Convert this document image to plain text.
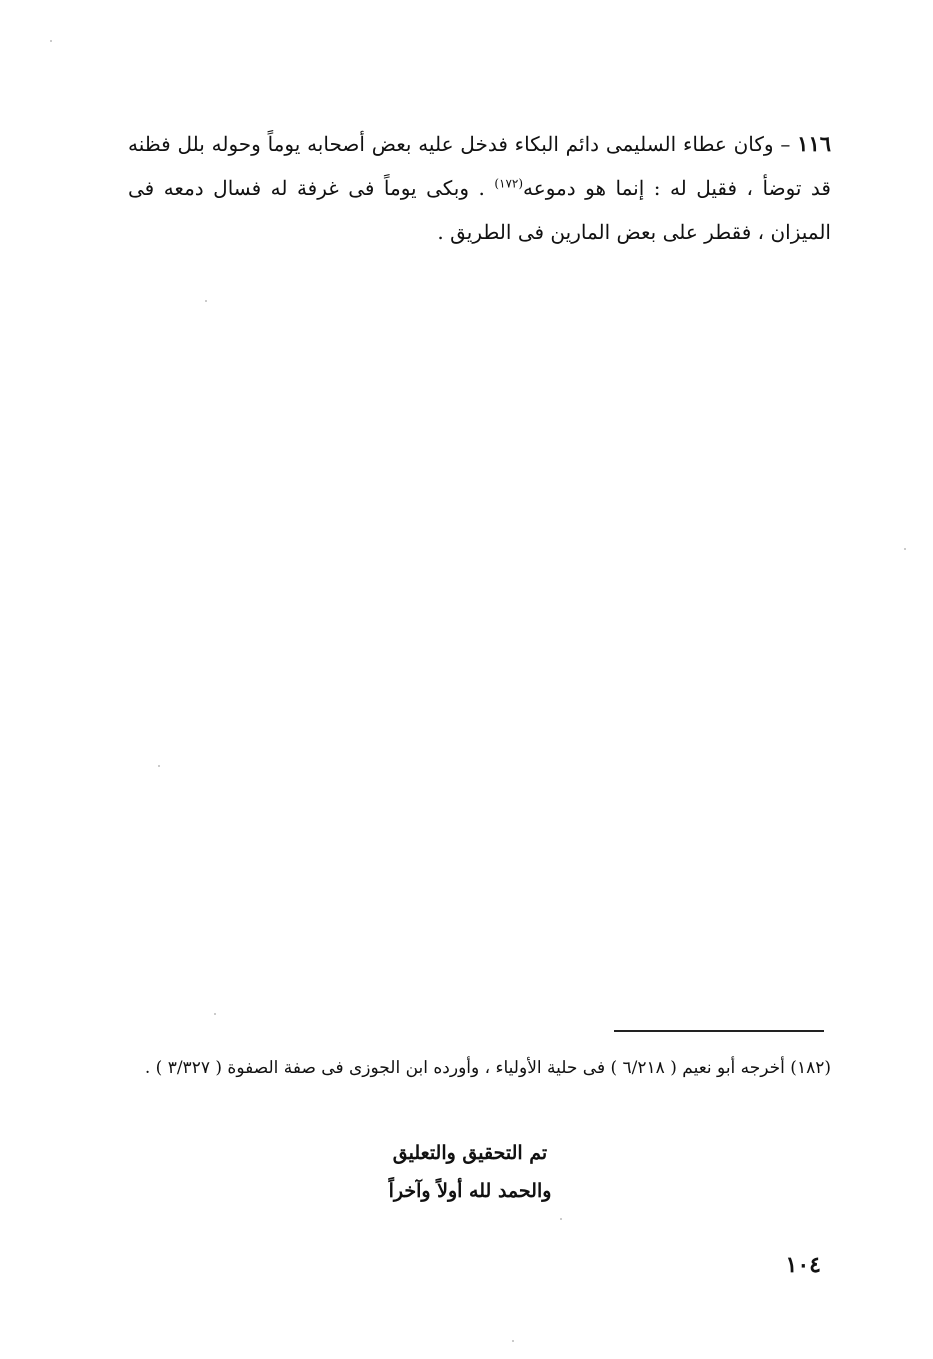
١١٦ – وكان عطاء السليمى دائم البكاء فدخل عليه بعض أصحابه يوماً وحوله بلل فظنه قد توضأ ، فقيل له : إنما هو دموعه$^{(١٧٢)}$ . وبكى يوماً فى غرفة له فسال دمعه فى الميزان ، فقطر على بعض المارين فى الطريق .

(١٨٢) أخرجه أبو نعيم ( ٦/٢١٨ ) فى حلية الأولياء ، وأورده ابن الجوزى فى صفة الصفوة ( ٣/٣٢٧ ) .

تم التحقيق والتعليق
والحمد لله أولاً وآخراً
١٠٤
